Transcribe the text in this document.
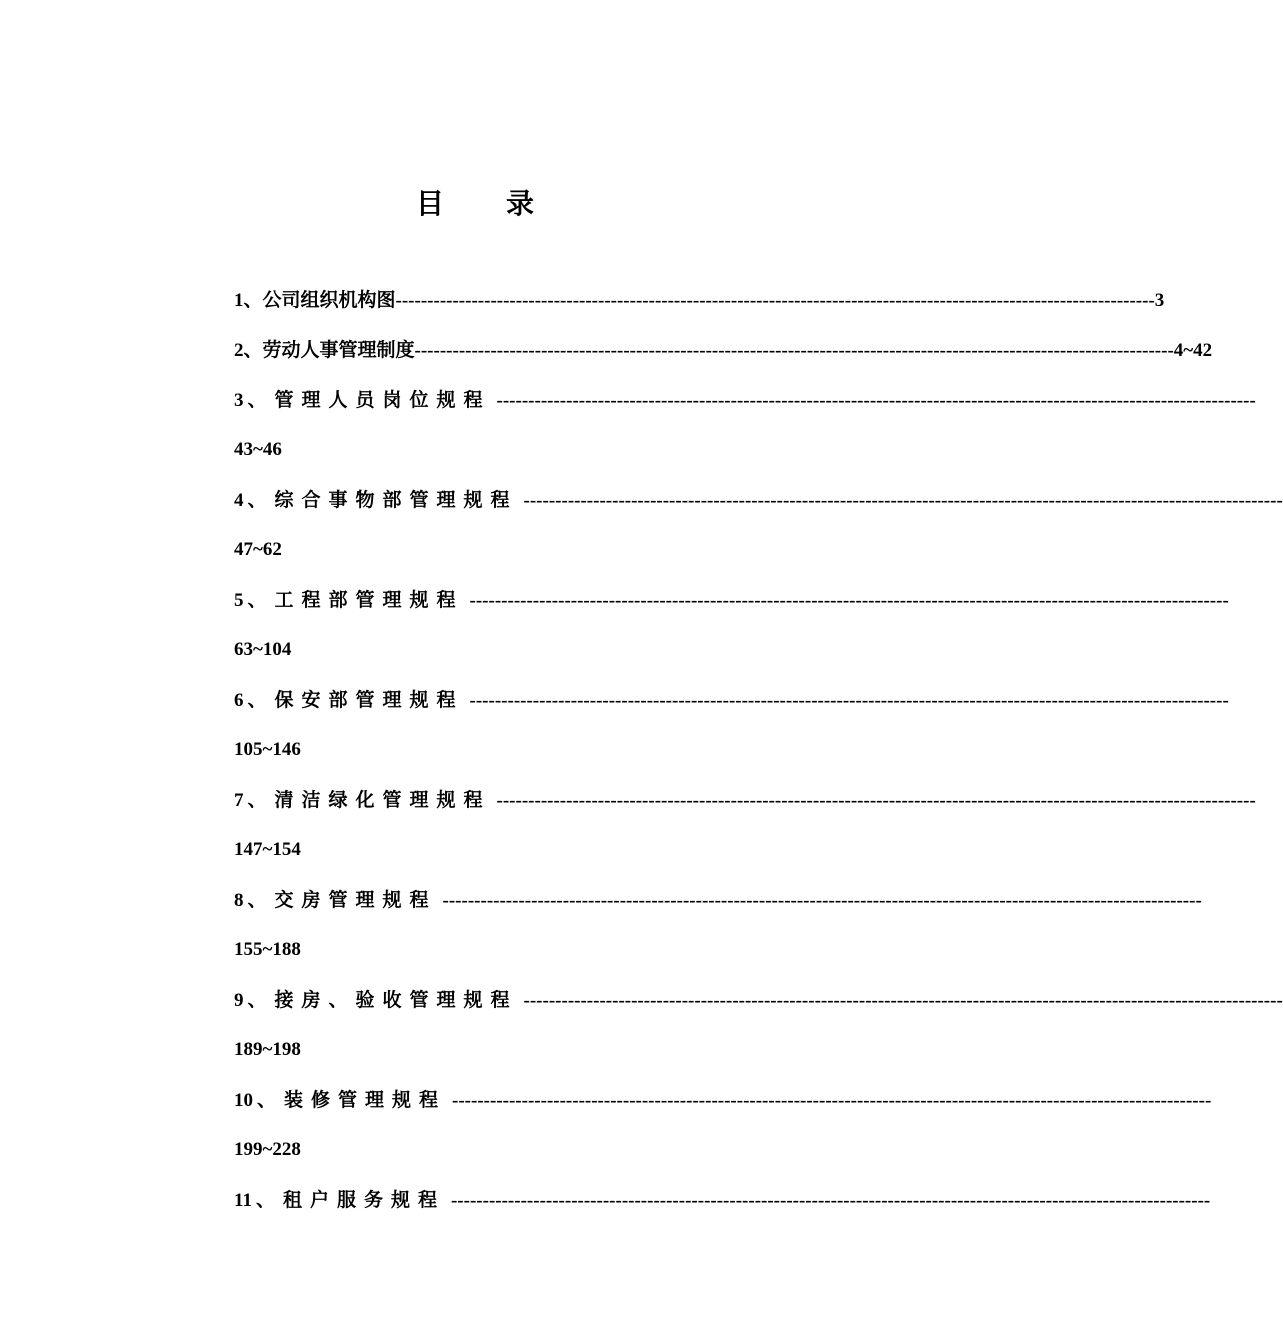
目 录
1 、 公司组织机构图 ------------------------------------------------------------------------------------------------------------------------ 3
2 、 劳动人事管理制度 ------------------------------------------------------------------------------------------------------------------------ 4~42
3 、 管理人员岗位规程 ------------------------------------------------------------------------------------------------------------------------
43~46
4 、 综合事物部管理规程 ------------------------------------------------------------------------------------------------------------------------
47~62
5 、 工程部管理规程 ------------------------------------------------------------------------------------------------------------------------
63~104
6 、 保安部管理规程 ------------------------------------------------------------------------------------------------------------------------
105~146
7 、 清洁绿化管理规程 ------------------------------------------------------------------------------------------------------------------------
147~154
8 、 交房管理规程 ------------------------------------------------------------------------------------------------------------------------
155~188
9 、 接房、验收管理规程 ------------------------------------------------------------------------------------------------------------------------
189~198
10 、 装修管理规程 ------------------------------------------------------------------------------------------------------------------------
199~228
11 、 租户服务规程 ------------------------------------------------------------------------------------------------------------------------
